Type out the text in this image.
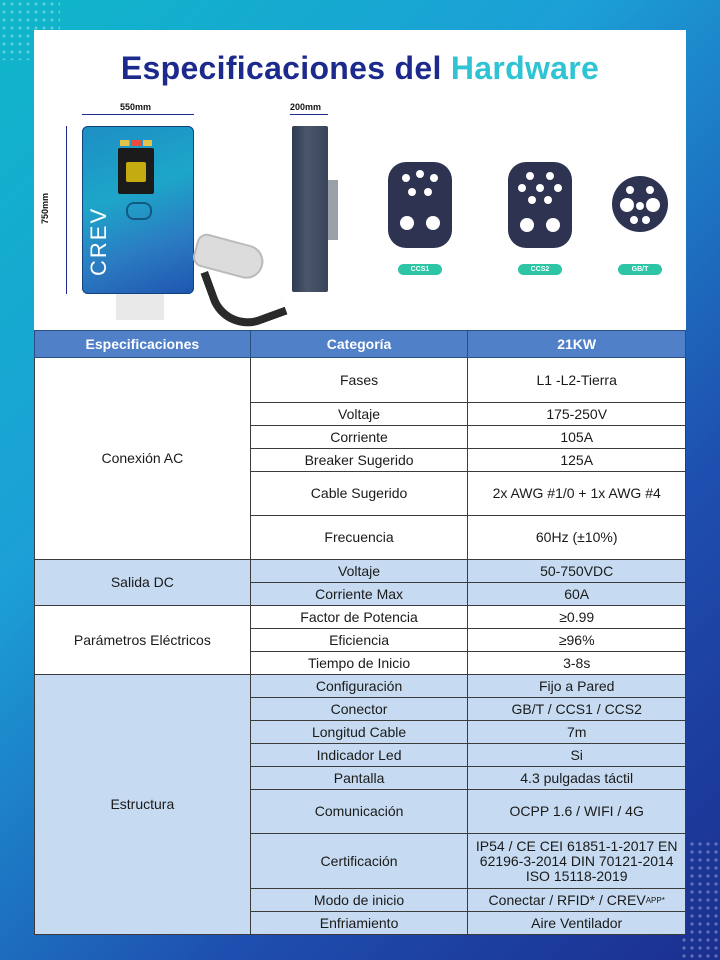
Especificaciones del Hardware
550mm
750mm CREV
200mm
CCS1	CCS2	GB/T
Especificaciones	Categoría	21KW
Conexión AC	Fases	L1 -L2-Tierra
	Voltaje	175-250V
	Corriente	105A
	Breaker Sugerido	125A
	Cable Sugerido	2x AWG #1/0 + 1x AWG #4
	Frecuencia	60Hz (±10%)
Salida DC	Voltaje	50-750VDC
	Corriente Max	60A
Parámetros Eléctricos	Factor de Potencia	≥0.99
	Eficiencia	≥96%
	Tiempo de Inicio	3-8s
Estructura	Configuración	Fijo a Pared
	Conector	GB/T / CCS1 / CCS2
	Longitud Cable	7m
	Indicador Led	Si
	Pantalla	4.3 pulgadas táctil
	Comunicación	OCPP 1.6 / WIFI / 4G
	Certificación	IP54 / CE CEI 61851-1-2017 EN 62196-3-2014 DIN 70121-2014 ISO 15118-2019
	Modo de inicio	Conectar / RFID* / $CREV^{APP*}$
	Enfriamiento	Aire Ventilador
